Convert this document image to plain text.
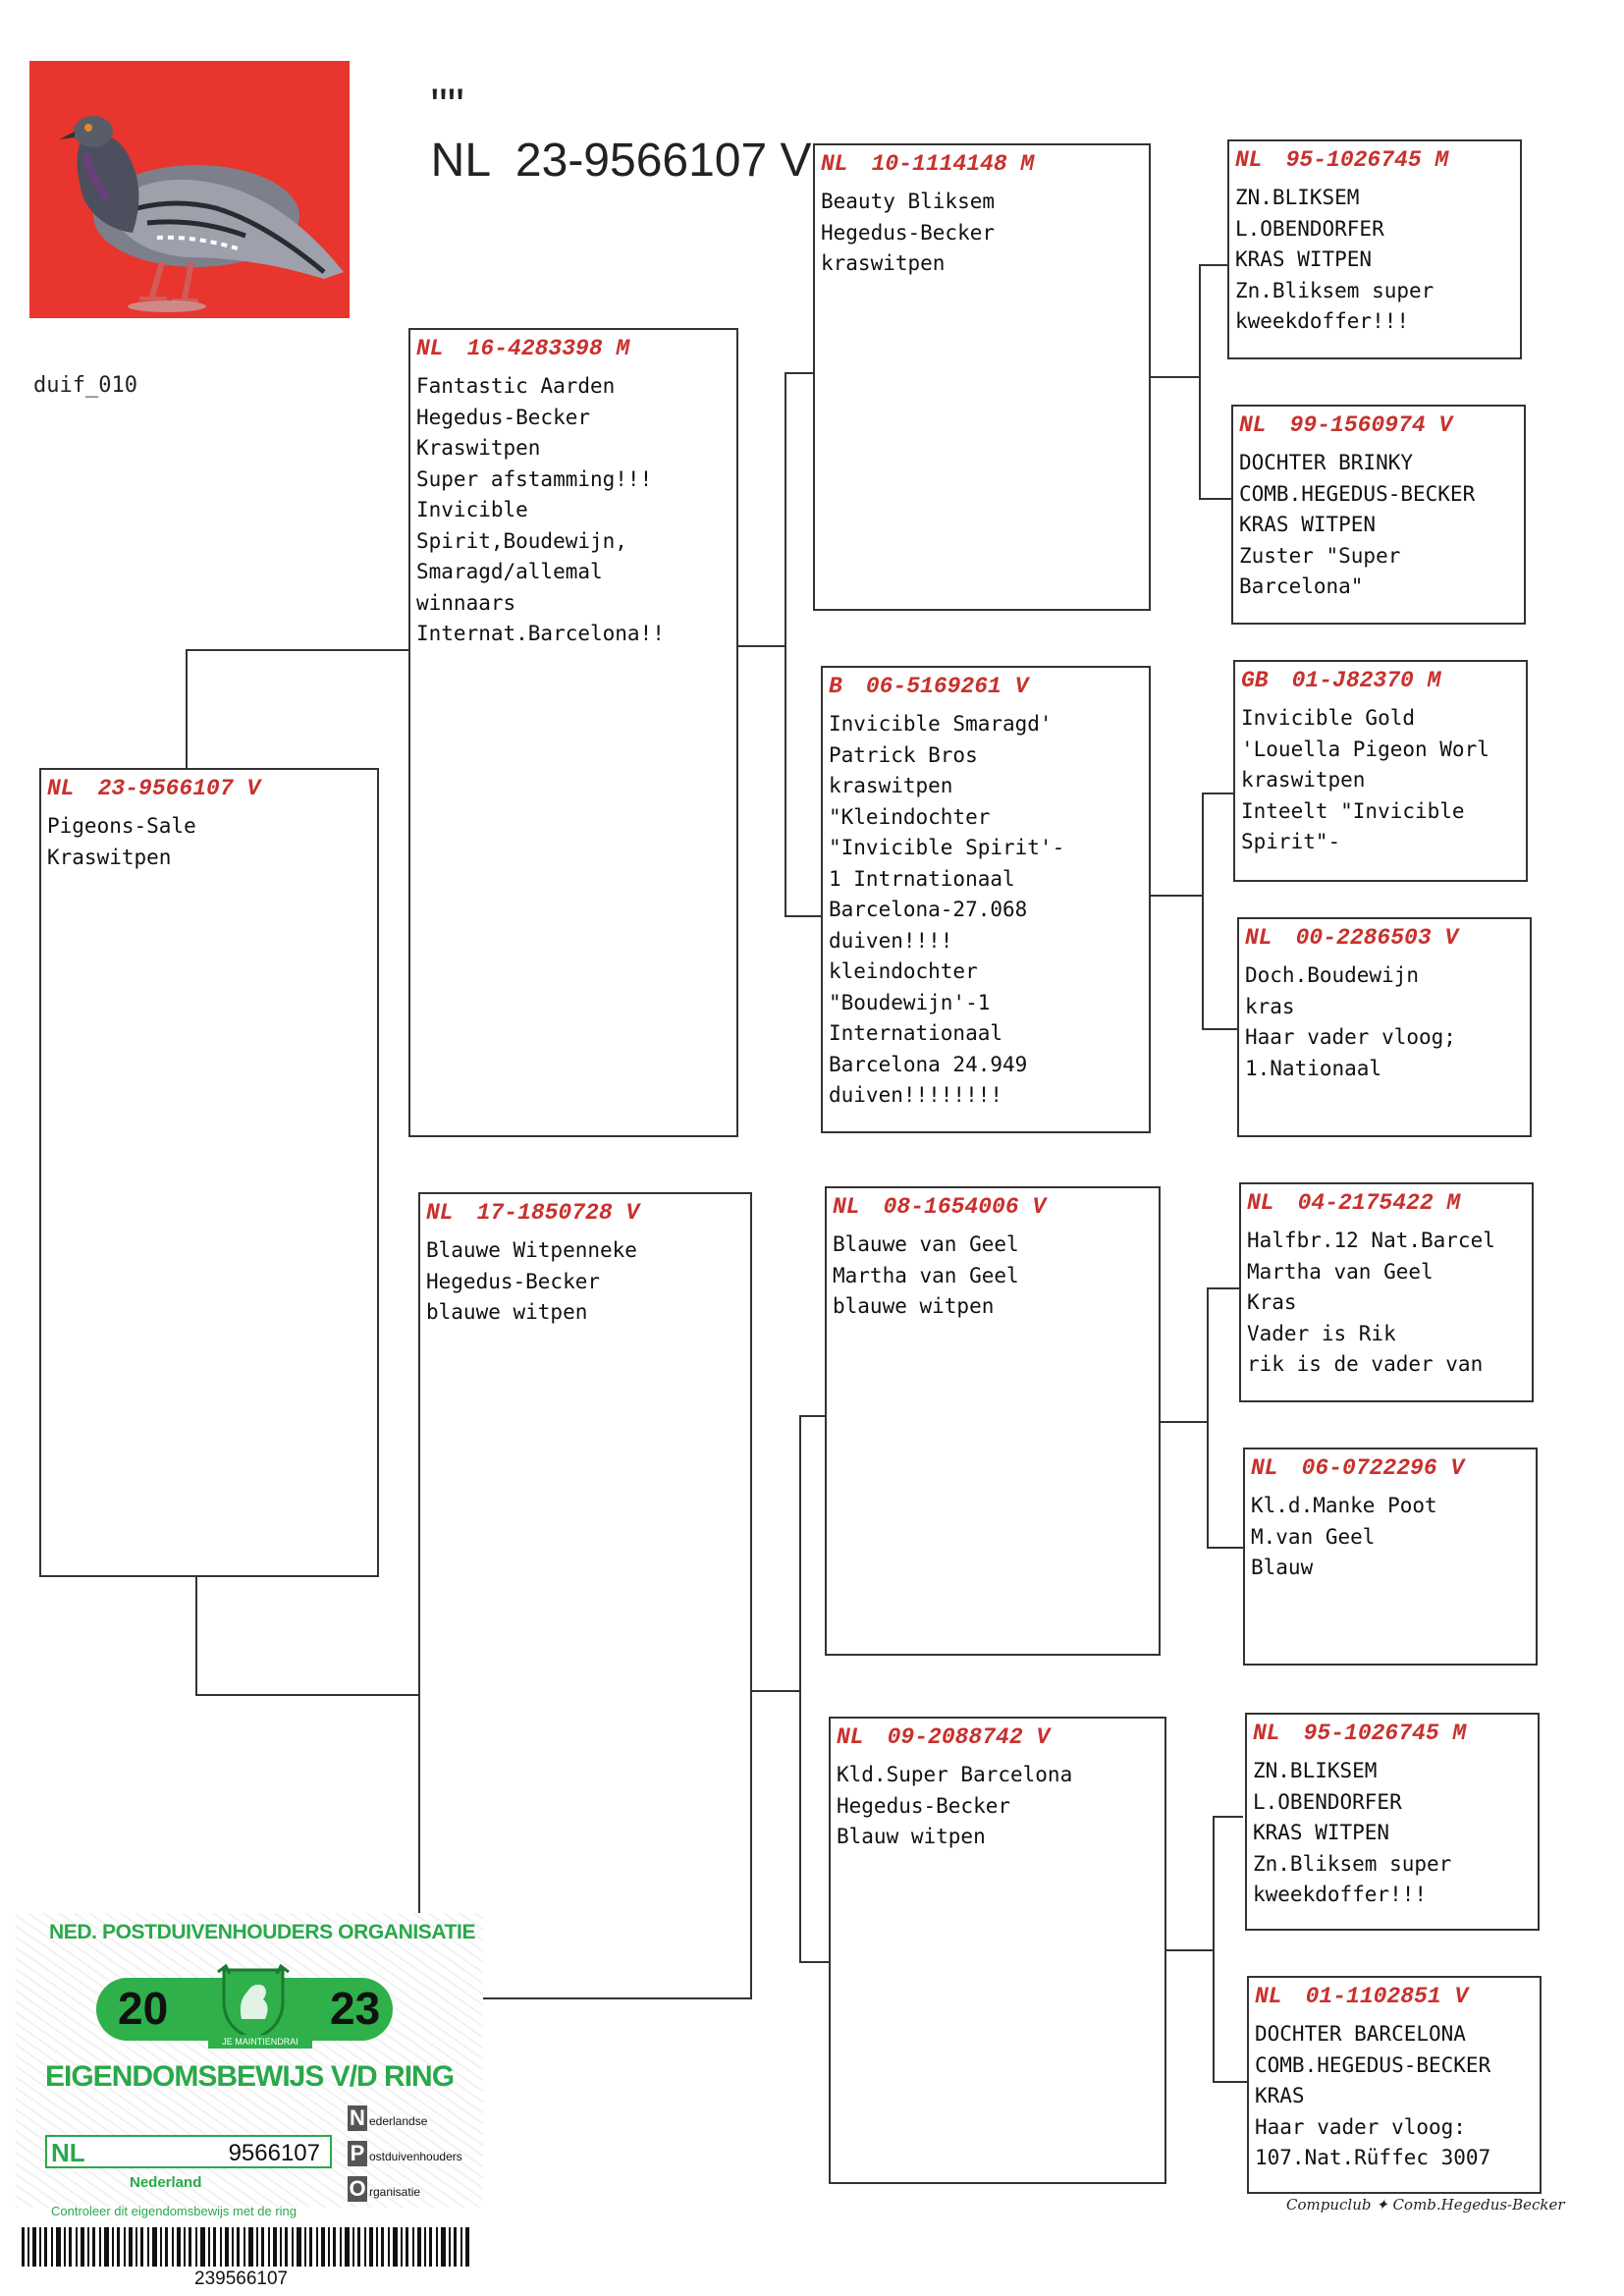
""
NL  23-9566107 V

duif_010
NL 23-9566107 V
Pigeons-Sale
Kraswitpen
NL 16-4283398 M
Fantastic Aarden
Hegedus-Becker
Kraswitpen
Super afstamming!!!
Invicible
Spirit,Boudewijn,
Smaragd/allemal
winnaars
Internat.Barcelona!!
NL 17-1850728 V
Blauwe Witpenneke
Hegedus-Becker
blauwe witpen
NL 10-1114148 M
Beauty Bliksem
Hegedus-Becker
kraswitpen
B 06-5169261 V
Invicible Smaragd'
Patrick Bros
kraswitpen
"Kleindochter
"Invicible Spirit'-
1 Intrnationaal
Barcelona-27.068
duiven!!!!
kleindochter
"Boudewijn'-1
Internationaal
Barcelona 24.949
duiven!!!!!!!!
NL 08-1654006 V
Blauwe van Geel
Martha van Geel
blauwe witpen
NL 09-2088742 V
Kld.Super Barcelona
Hegedus-Becker
Blauw witpen
NL 95-1026745 M
ZN.BLIKSEM
L.OBENDORFER
KRAS WITPEN
Zn.Bliksem super
kweekdoffer!!!
NL 99-1560974 V
DOCHTER BRINKY
COMB.HEGEDUS-BECKER
KRAS WITPEN
Zuster "Super
Barcelona"
GB 01-J82370 M
Invicible Gold
'Louella Pigeon Worl
kraswitpen
Inteelt "Invicible
Spirit"-
NL 00-2286503 V
Doch.Boudewijn
kras
Haar vader vloog;
1.Nationaal
NL 04-2175422 M
Halfbr.12 Nat.Barcel
Martha van Geel
Kras
Vader is Rik
rik is de vader van
NL 06-0722296 V
Kl.d.Manke Poot
M.van Geel
Blauw
NL 95-1026745 M
ZN.BLIKSEM
L.OBENDORFER
KRAS WITPEN
Zn.Bliksem super
kweekdoffer!!!
NL 01-1102851 V
DOCHTER BARCELONA
COMB.HEGEDUS-BECKER
KRAS
Haar vader vloog:
107.Nat.Rüffec 3007
Compuclub ✦ Comb.Hegedus-Becker
NED. POSTDUIVENHOUDERS ORGANISATIE
20	23
JE MAINTIENDRAI
EIGENDOMSBEWIJS V/D RING
NL	9566107
N ederlandse
P ostduivenhouders
O rganisatie
Nederland
Controleer dit eigendomsbewijs met de ring
239566107
